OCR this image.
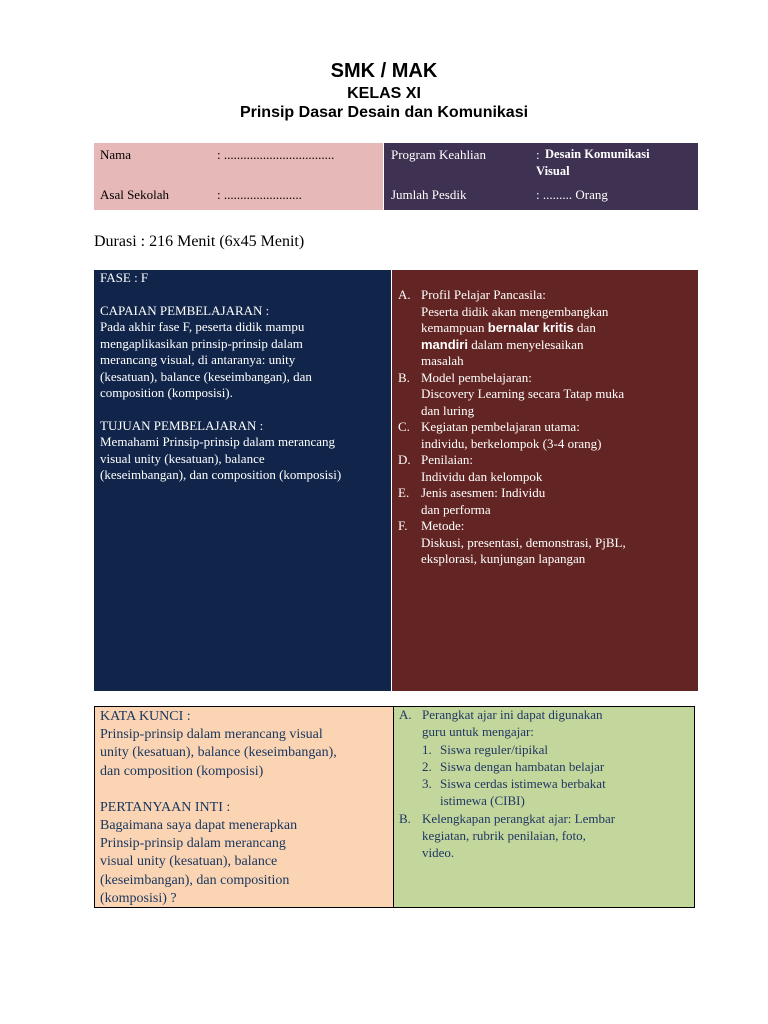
SMK / MAK
KELAS XI
Prinsip Dasar Desain dan Komunikasi
Nama	: ..................................
Asal Sekolah	: ........................
Program Keahlian	: Desain Komunikasi
Visual
Jumlah Pesdik	: ......... Orang
Durasi : 216 Menit (6x45 Menit)
FASE : F
CAPAIAN PEMBELAJARAN :
Pada akhir fase F, peserta didik mampu
mengaplikasikan prinsip-prinsip dalam
merancang visual, di antaranya: unity
(kesatuan), balance (keseimbangan), dan
composition (komposisi).
TUJUAN PEMBELAJARAN :
Memahami Prinsip-prinsip dalam merancang
visual unity (kesatuan), balance
(keseimbangan), dan composition (komposisi)
A. Profil Pelajar Pancasila:
Peserta didik akan mengembangkan
kemampuan bernalar kritis dan
mandiri dalam menyelesaikan
masalah
B. Model pembelajaran:
Discovery Learning secara Tatap muka
dan luring
C. Kegiatan pembelajaran utama:
individu, berkelompok (3-4 orang)
D. Penilaian:
Individu dan kelompok
E. Jenis asesmen: Individu
dan performa
F. Metode:
Diskusi, presentasi, demonstrasi, PjBL,
eksplorasi, kunjungan lapangan
KATA KUNCI :
Prinsip-prinsip dalam merancang visual
unity (kesatuan), balance (keseimbangan),
dan composition (komposisi)
PERTANYAAN INTI :
Bagaimana saya dapat menerapkan
Prinsip-prinsip dalam merancang
visual unity (kesatuan), balance
(keseimbangan), dan composition
(komposisi) ?
A. Perangkat ajar ini dapat digunakan
guru untuk mengajar:
1. Siswa reguler/tipikal
2. Siswa dengan hambatan belajar
3. Siswa cerdas istimewa berbakat
istimewa (CIBI)
B. Kelengkapan perangkat ajar: Lembar
kegiatan, rubrik penilaian, foto,
video.
